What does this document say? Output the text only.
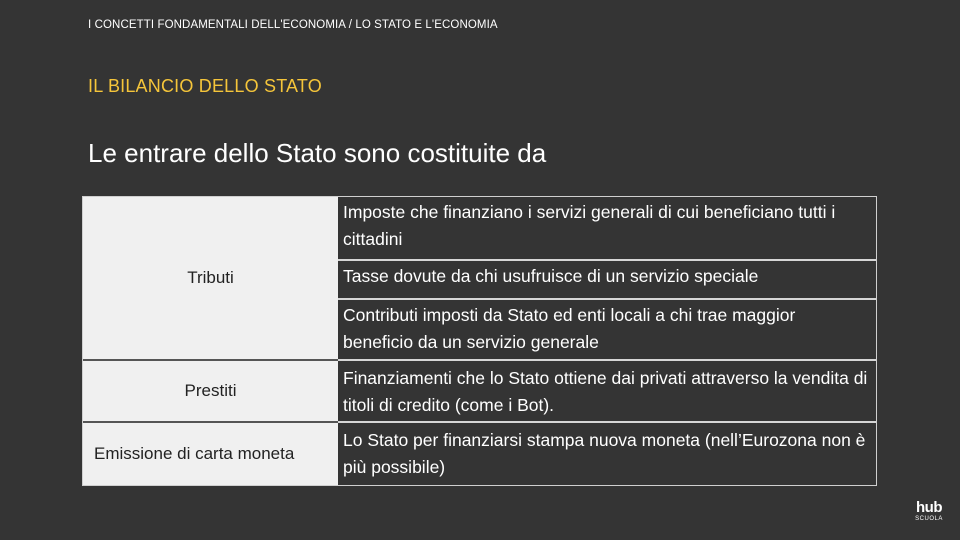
I CONCETTI FONDAMENTALI DELL'ECONOMIA / LO STATO E L'ECONOMIA
IL BILANCIO DELLO STATO
Le entrare dello Stato sono costituite da
Tributi
Imposte che finanziano i servizi generali di cui beneficiano tutti i cittadini
Tasse dovute da chi usufruisce di un servizio speciale
Contributi imposti da Stato ed enti locali a chi trae maggior beneficio da un servizio generale
Prestiti
Finanziamenti che lo Stato ottiene dai privati attraverso la vendita di titoli di credito (come i Bot).
Emissione di carta moneta
Lo Stato per finanziarsi stampa nuova moneta (nell’Eurozona non è più possibile)
hub
SCUOLA
